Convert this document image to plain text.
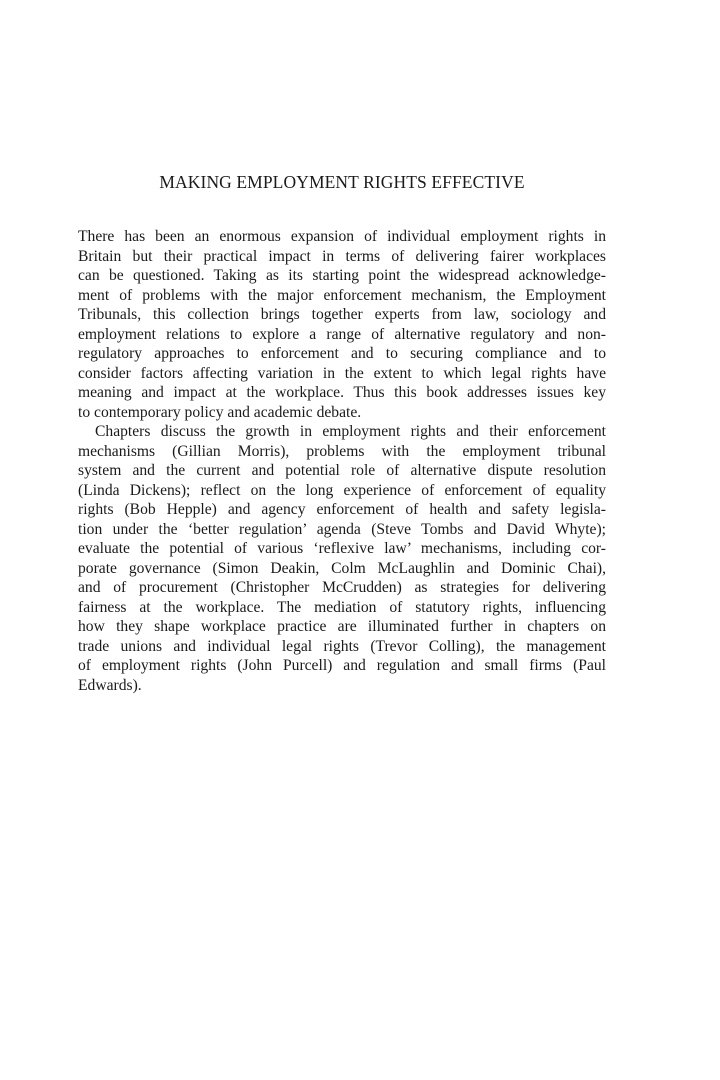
MAKING EMPLOYMENT RIGHTS EFFECTIVE
There has been an enormous expansion of individual employment rights in
Britain but their practical impact in terms of delivering fairer workplaces
can be questioned. Taking as its starting point the widespread acknowledge-
ment of problems with the major enforcement mechanism, the Employment
Tribunals, this collection brings together experts from law, sociology and
employment relations to explore a range of alternative regulatory and non-
regulatory approaches to enforcement and to securing compliance and to
consider factors affecting variation in the extent to which legal rights have
meaning and impact at the workplace. Thus this book addresses issues key
to contemporary policy and academic debate.
Chapters discuss the growth in employment rights and their enforcement
mechanisms (Gillian Morris), problems with the employment tribunal
system and the current and potential role of alternative dispute resolution
(Linda Dickens); reflect on the long experience of enforcement of equality
rights (Bob Hepple) and agency enforcement of health and safety legisla-
tion under the ‘better regulation’ agenda (Steve Tombs and David Whyte);
evaluate the potential of various ‘reflexive law’ mechanisms, including cor-
porate governance (Simon Deakin, Colm McLaughlin and Dominic Chai),
and of procurement (Christopher McCrudden) as strategies for delivering
fairness at the workplace. The mediation of statutory rights, influencing
how they shape workplace practice are illuminated further in chapters on
trade unions and individual legal rights (Trevor Colling), the management
of employment rights (John Purcell) and regulation and small firms (Paul
Edwards).
